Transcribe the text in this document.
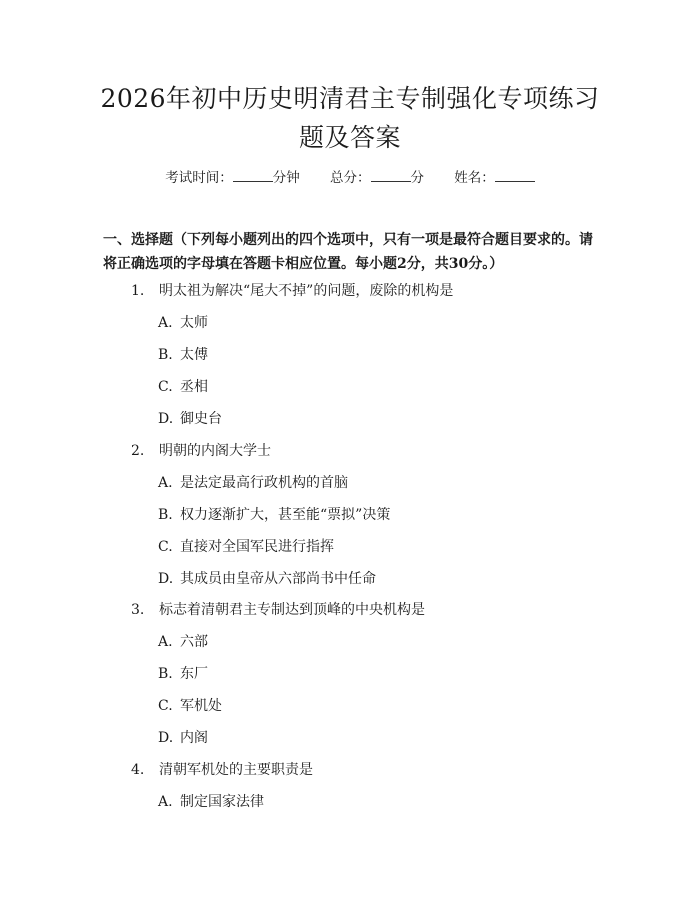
2026年初中历史明清君主专制强化专项练习
题及答案
考试时间：	分钟 总分：	分 姓名：
一、选择题（下列每小题列出的四个选项中，只有一项是最符合题目要求的。请将正确选项的字母填在答题卡相应位置。每小题2分，共30分。）
1. 明太祖为解决“尾大不掉”的问题，废除的机构是
A. 太师
B. 太傅
C. 丞相
D. 御史台
2. 明朝的内阁大学士
A. 是法定最高行政机构的首脑
B. 权力逐渐扩大，甚至能“票拟”决策
C. 直接对全国军民进行指挥
D. 其成员由皇帝从六部尚书中任命
3. 标志着清朝君主专制达到顶峰的中央机构是
A. 六部
B. 东厂
C. 军机处
D. 内阁
4. 清朝军机处的主要职责是
A. 制定国家法律
